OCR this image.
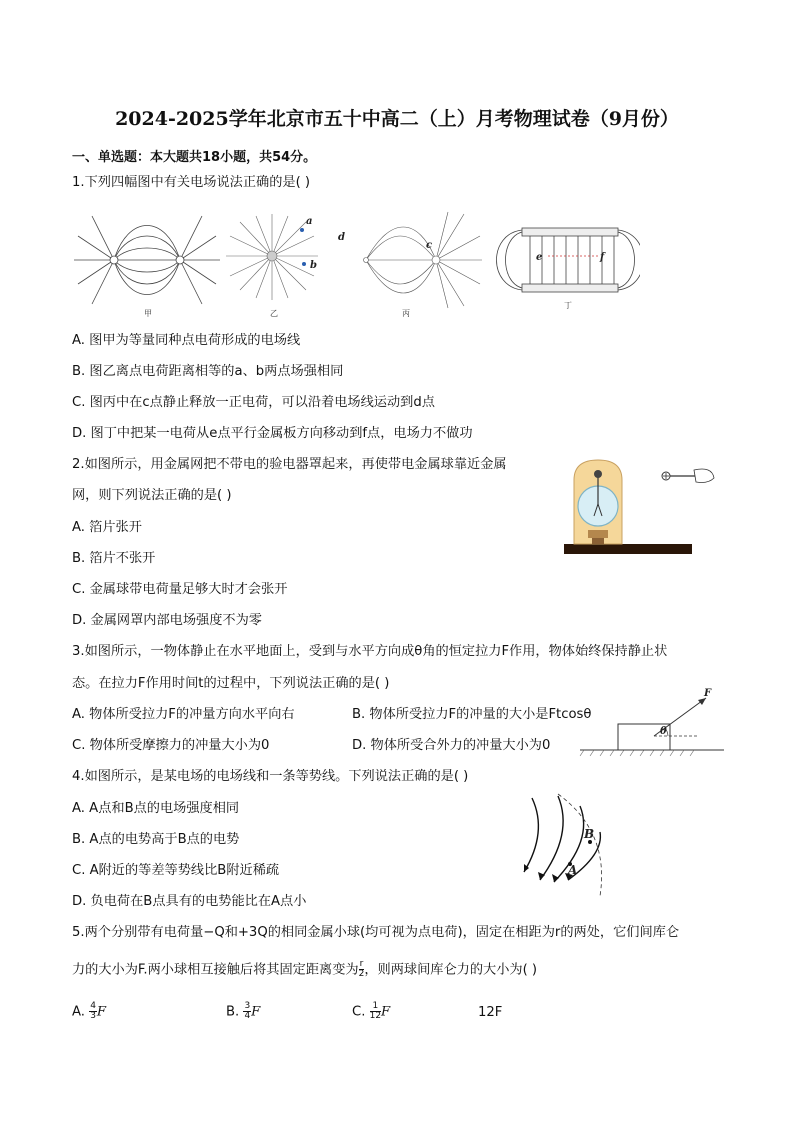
2024-2025学年北京市五十中高二（上）月考物理试卷（9月份）
一、单选题：本大题共18小题，共54分。
1.下列四幅图中有关电场说法正确的是( )
甲
a
b
乙
d
c
丙
e	f
丁
A. 图甲为等量同种点电荷形成的电场线
B. 图乙离点电荷距离相等的a、b两点场强相同
C. 图丙中在c点静止释放一正电荷，可以沿着电场线运动到d点
D. 图丁中把某一电荷从e点平行金属板方向移动到f点，电场力不做功
2.如图所示，用金属网把不带电的验电器罩起来，再使带电金属球靠近金属
网，则下列说法正确的是( )
A. 箔片张开
B. 箔片不张开
C. 金属球带电荷量足够大时才会张开
D. 金属网罩内部电场强度不为零
3.如图所示，一物体静止在水平地面上，受到与水平方向成θ角的恒定拉力F作用，物体始终保持静止状
态。在拉力F作用时间t的过程中，下列说法正确的是( )
A. 物体所受拉力F的冲量方向水平向右	B. 物体所受拉力F的冲量的大小是Ftcosθ
C. 物体所受摩擦力的冲量大小为0	D. 物体所受合外力的冲量大小为0
F
θ
4.如图所示，是某电场的电场线和一条等势线。下列说法正确的是( )
A. A点和B点的电场强度相同
B. A点的电势高于B点的电势
C. A附近的等差等势线比B附近稀疏
D. 负电荷在B点具有的电势能比在A点小
B
A
5.两个分别带有电荷量−Q和+3Q的相同金属小球(均可视为点电荷)，固定在相距为r的两处，它们间库仑
力的大小为F.两小球相互接触后将其固定距离变为 $\frac{r}{2}$ ，则两球间库仑力的大小为( )
A. $\frac{4}{3}$ F	B. $\frac{3}{4}$ F	C. $\frac{1}{12}$ F	12F
